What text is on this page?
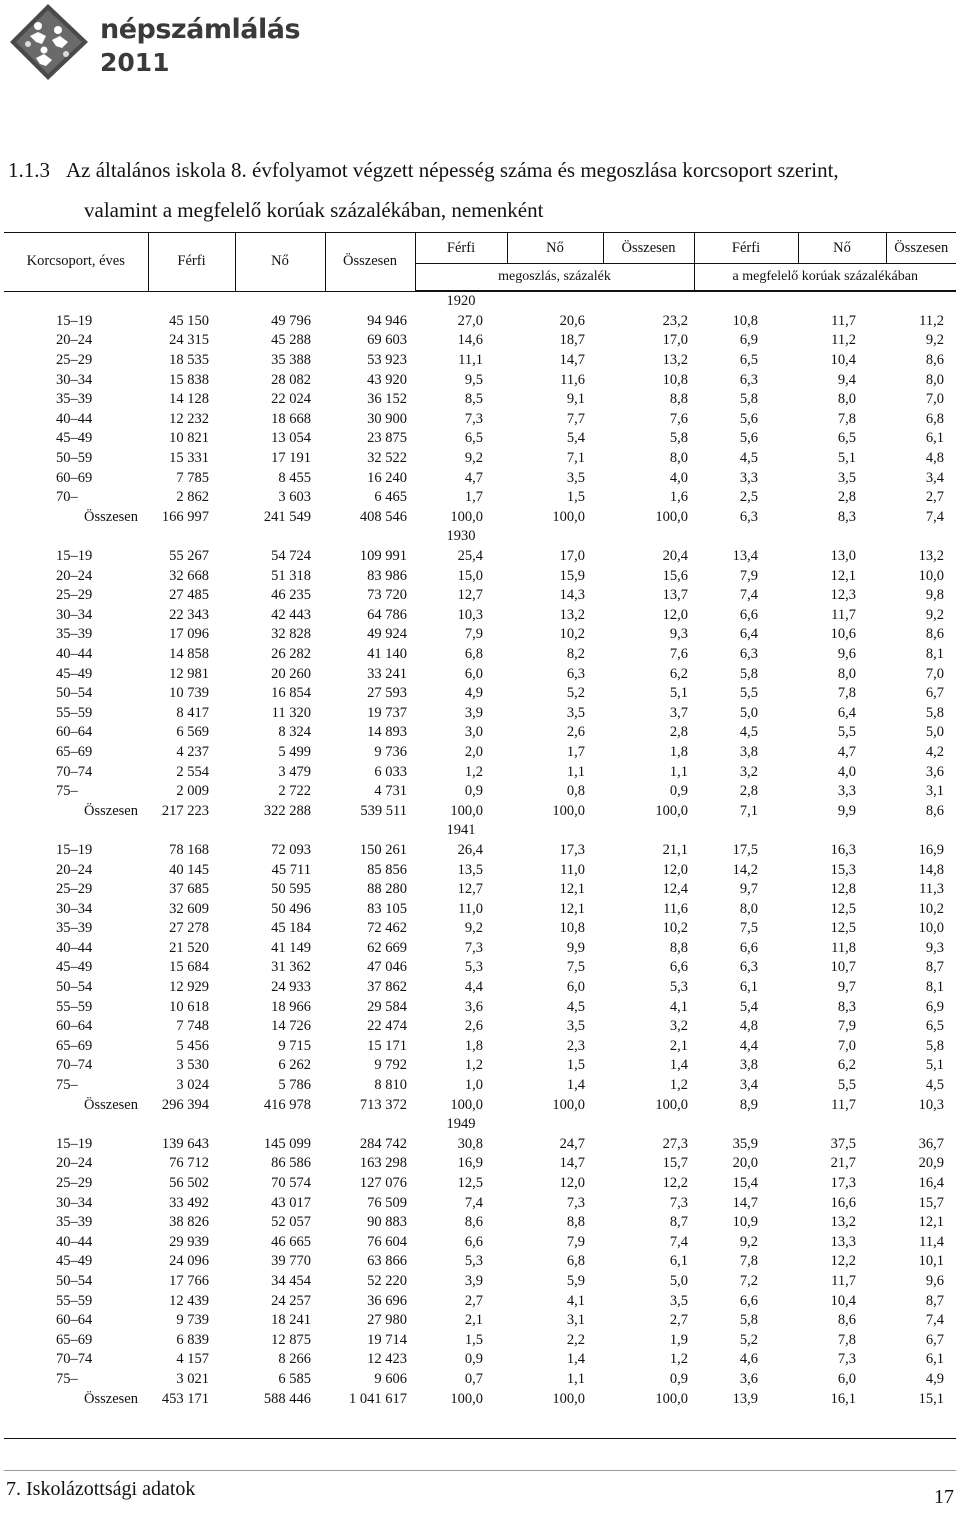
népszámlálás
2011
1.1.3 Az általános iskola 8. évfolyamot végzett népesség száma és megoszlása korcsoport szerint,
valamint a megfelelő korúak százalékában, nemenként
Korcsoport, éves	Férfi	Nő	Összesen	Férfi	Nő	Összesen	Férfi	Nő	Összesen
				megoszlás, százalék			a megfelelő korúak százalékában		

				1920					
15–19	45 150	49 796	94 946	27,0	20,6	23,2	10,8	11,7	11,2
20–24	24 315	45 288	69 603	14,6	18,7	17,0	6,9	11,2	9,2
25–29	18 535	35 388	53 923	11,1	14,7	13,2	6,5	10,4	8,6
30–34	15 838	28 082	43 920	9,5	11,6	10,8	6,3	9,4	8,0
35–39	14 128	22 024	36 152	8,5	9,1	8,8	5,8	8,0	7,0
40–44	12 232	18 668	30 900	7,3	7,7	7,6	5,6	7,8	6,8
45–49	10 821	13 054	23 875	6,5	5,4	5,8	5,6	6,5	6,1
50–59	15 331	17 191	32 522	9,2	7,1	8,0	4,5	5,1	4,8
60–69	7 785	8 455	16 240	4,7	3,5	4,0	3,3	3,5	3,4
70–	2 862	3 603	6 465	1,7	1,5	1,6	2,5	2,8	2,7
Összesen	166 997	241 549	408 546	100,0	100,0	100,0	6,3	8,3	7,4
				1930					
15–19	55 267	54 724	109 991	25,4	17,0	20,4	13,4	13,0	13,2
20–24	32 668	51 318	83 986	15,0	15,9	15,6	7,9	12,1	10,0
25–29	27 485	46 235	73 720	12,7	14,3	13,7	7,4	12,3	9,8
30–34	22 343	42 443	64 786	10,3	13,2	12,0	6,6	11,7	9,2
35–39	17 096	32 828	49 924	7,9	10,2	9,3	6,4	10,6	8,6
40–44	14 858	26 282	41 140	6,8	8,2	7,6	6,3	9,6	8,1
45–49	12 981	20 260	33 241	6,0	6,3	6,2	5,8	8,0	7,0
50–54	10 739	16 854	27 593	4,9	5,2	5,1	5,5	7,8	6,7
55–59	8 417	11 320	19 737	3,9	3,5	3,7	5,0	6,4	5,8
60–64	6 569	8 324	14 893	3,0	2,6	2,8	4,5	5,5	5,0
65–69	4 237	5 499	9 736	2,0	1,7	1,8	3,8	4,7	4,2
70–74	2 554	3 479	6 033	1,2	1,1	1,1	3,2	4,0	3,6
75–	2 009	2 722	4 731	0,9	0,8	0,9	2,8	3,3	3,1
Összesen	217 223	322 288	539 511	100,0	100,0	100,0	7,1	9,9	8,6
				1941					
15–19	78 168	72 093	150 261	26,4	17,3	21,1	17,5	16,3	16,9
20–24	40 145	45 711	85 856	13,5	11,0	12,0	14,2	15,3	14,8
25–29	37 685	50 595	88 280	12,7	12,1	12,4	9,7	12,8	11,3
30–34	32 609	50 496	83 105	11,0	12,1	11,6	8,0	12,5	10,2
35–39	27 278	45 184	72 462	9,2	10,8	10,2	7,5	12,5	10,0
40–44	21 520	41 149	62 669	7,3	9,9	8,8	6,6	11,8	9,3
45–49	15 684	31 362	47 046	5,3	7,5	6,6	6,3	10,7	8,7
50–54	12 929	24 933	37 862	4,4	6,0	5,3	6,1	9,7	8,1
55–59	10 618	18 966	29 584	3,6	4,5	4,1	5,4	8,3	6,9
60–64	7 748	14 726	22 474	2,6	3,5	3,2	4,8	7,9	6,5
65–69	5 456	9 715	15 171	1,8	2,3	2,1	4,4	7,0	5,8
70–74	3 530	6 262	9 792	1,2	1,5	1,4	3,8	6,2	5,1
75–	3 024	5 786	8 810	1,0	1,4	1,2	3,4	5,5	4,5
Összesen	296 394	416 978	713 372	100,0	100,0	100,0	8,9	11,7	10,3
				1949					
15–19	139 643	145 099	284 742	30,8	24,7	27,3	35,9	37,5	36,7
20–24	76 712	86 586	163 298	16,9	14,7	15,7	20,0	21,7	20,9
25–29	56 502	70 574	127 076	12,5	12,0	12,2	15,4	17,3	16,4
30–34	33 492	43 017	76 509	7,4	7,3	7,3	14,7	16,6	15,7
35–39	38 826	52 057	90 883	8,6	8,8	8,7	10,9	13,2	12,1
40–44	29 939	46 665	76 604	6,6	7,9	7,4	9,2	13,3	11,4
45–49	24 096	39 770	63 866	5,3	6,8	6,1	7,8	12,2	10,1
50–54	17 766	34 454	52 220	3,9	5,9	5,0	7,2	11,7	9,6
55–59	12 439	24 257	36 696	2,7	4,1	3,5	6,6	10,4	8,7
60–64	9 739	18 241	27 980	2,1	3,1	2,7	5,8	8,6	7,4
65–69	6 839	12 875	19 714	1,5	2,2	1,9	5,2	7,8	6,7
70–74	4 157	8 266	12 423	0,9	1,4	1,2	4,6	7,3	6,1
75–	3 021	6 585	9 606	0,7	1,1	0,9	3,6	6,0	4,9
Összesen	453 171	588 446	1 041 617	100,0	100,0	100,0	13,9	16,1	15,1
7. Iskolázottsági adatok	17
